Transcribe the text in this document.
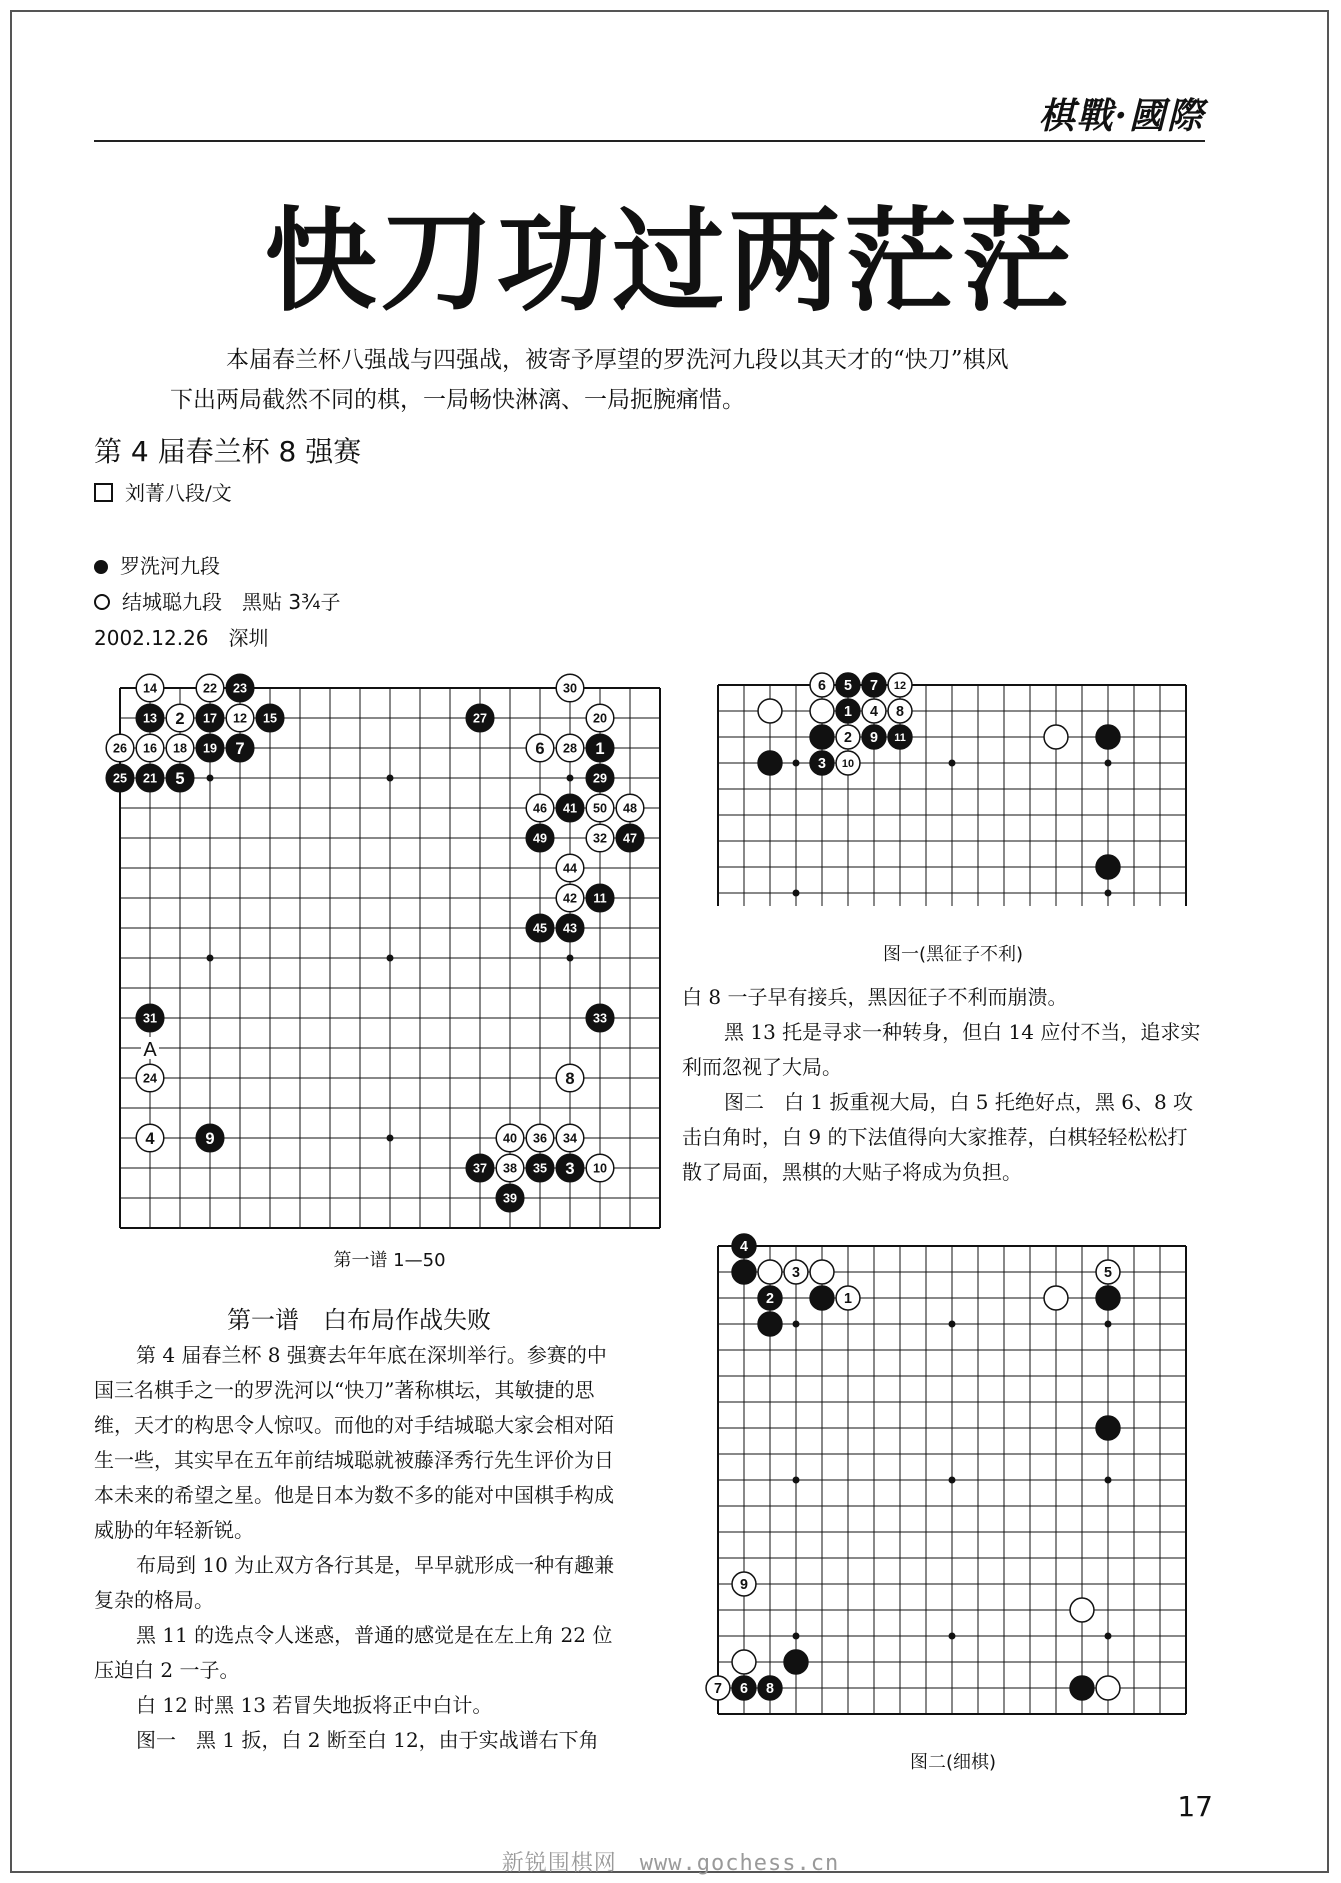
棋戰·國際
快刀功过两茫茫
本届春兰杯八强战与四强战，被寄予厚望的罗洗河九段以其天才的“快刀”棋风
下出两局截然不同的棋，一局畅快淋漓、一局扼腕痛惜。
第 4 届春兰杯 8 强赛
刘菁八段/文
罗洗河九段
结城聪九段　黑贴 3¾子
2002.12.26　深圳
14	22 23	30
13 2 17 12 15	27	20
26 16 18 19 7	6 28 1
25 21 5	29
46 41 50 48
49	32 47
44
42 11
45 43
31	33
24	8
4	9	40 36 34
37 38 35 3 10
39
A
第一谱 1—50
6 5 7 12
1 4 8
2 9 11
3 10
图一(黑征子不利)

白 8 一子早有接兵，黑因征子不利而崩溃。

黑 13 托是寻求一种转身，但白 14 应付不当，追求实利而忽视了大局。

图二　白 1 扳重视大局，白 5 托绝好点，黑 6、8 攻击白角时，白 9 的下法值得向大家推荐，白棋轻轻松松打散了局面，黑棋的大贴子将成为负担。

4
3	5
2	1
9
7 6 8
图二(细棋)
第一谱　白布局作战失败

第 4 届春兰杯 8 强赛去年年底在深圳举行。参赛的中国三名棋手之一的罗洗河以“快刀”著称棋坛，其敏捷的思维，天才的构思令人惊叹。而他的对手结城聪大家会相对陌生一些，其实早在五年前结城聪就被藤泽秀行先生评价为日本未来的希望之星。他是日本为数不多的能对中国棋手构成威胁的年轻新锐。

布局到 10 为止双方各行其是，早早就形成一种有趣兼复杂的格局。

黑 11 的选点令人迷惑，普通的感觉是在左上角 22 位压迫白 2 一子。

白 12 时黑 13 若冒失地扳将正中白计。

图一　黑 1 扳，白 2 断至白 12，由于实战谱右下角

17
新锐围棋网　www.gochess.cn
